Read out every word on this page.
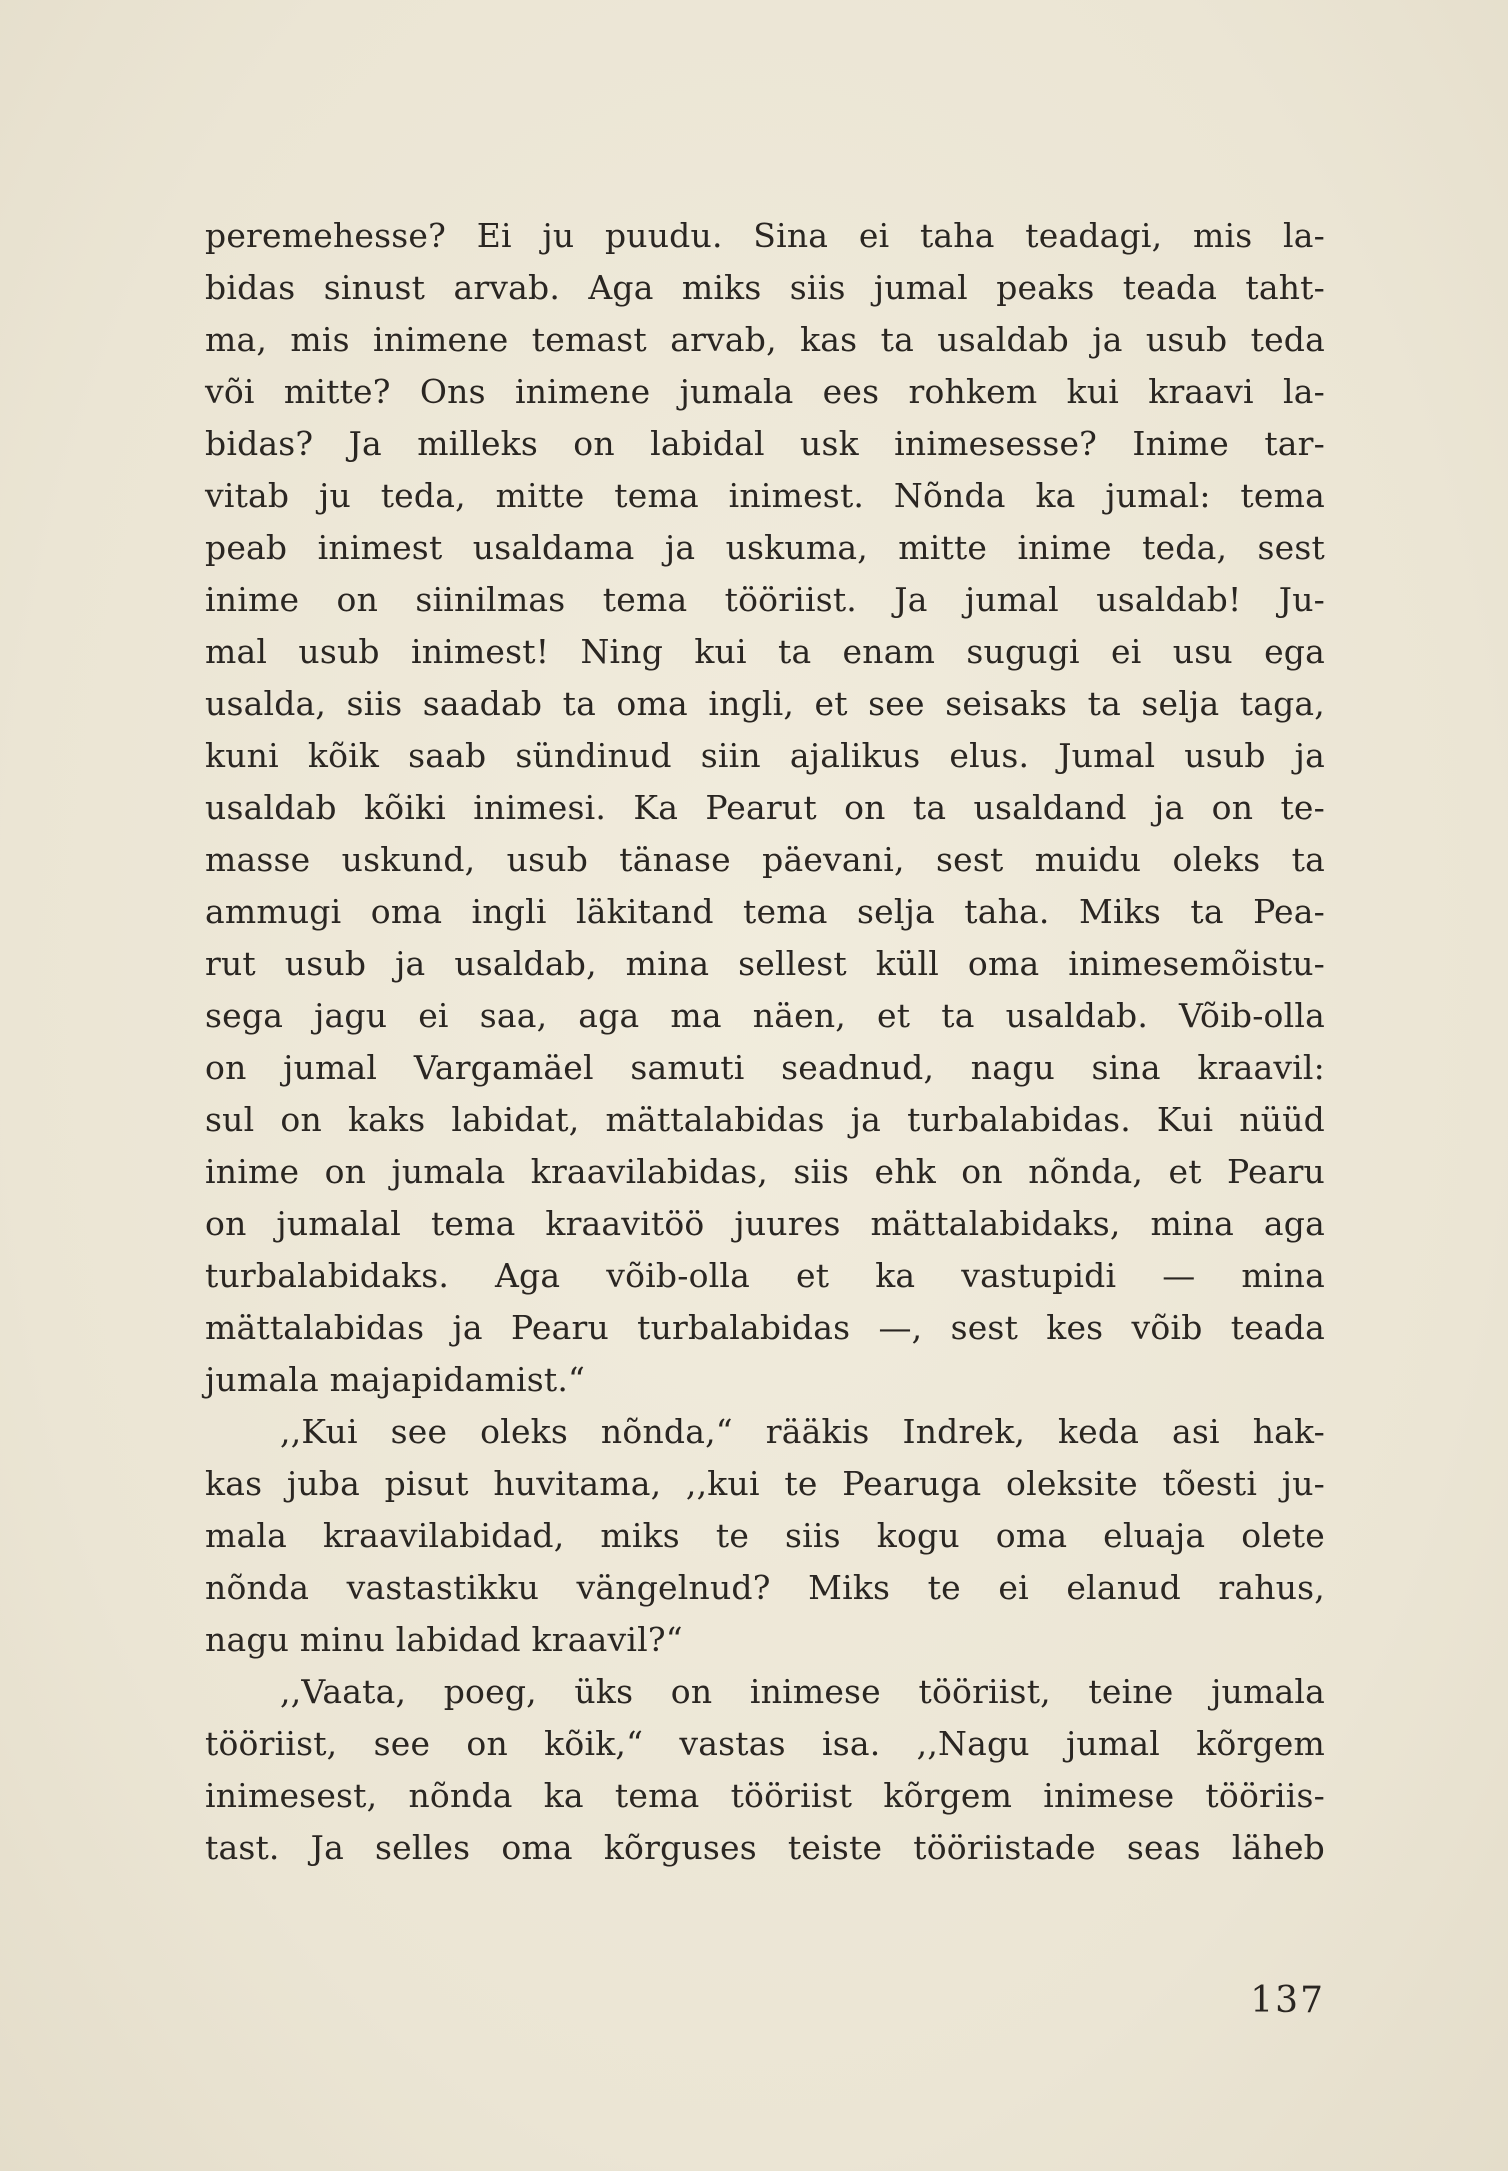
peremehesse? Ei ju puudu. Sina ei taha teadagi, mis la-
bidas sinust arvab. Aga miks siis jumal peaks teada taht-
ma, mis inimene temast arvab, kas ta usaldab ja usub teda
või mitte? Ons inimene jumala ees rohkem kui kraavi la-
bidas? Ja milleks on labidal usk inimesesse? Inime tar-
vitab ju teda, mitte tema inimest. Nõnda ka jumal: tema
peab inimest usaldama ja uskuma, mitte inime teda, sest
inime on siinilmas tema tööriist. Ja jumal usaldab! Ju-
mal usub inimest! Ning kui ta enam sugugi ei usu ega
usalda, siis saadab ta oma ingli, et see seisaks ta selja taga,
kuni kõik saab sündinud siin ajalikus elus. Jumal usub ja
usaldab kõiki inimesi. Ka Pearut on ta usaldand ja on te-
masse uskund, usub tänase päevani, sest muidu oleks ta
ammugi oma ingli läkitand tema selja taha. Miks ta Pea-
rut usub ja usaldab, mina sellest küll oma inimesemõistu-
sega jagu ei saa, aga ma näen, et ta usaldab. Võib-olla
on jumal Vargamäel samuti seadnud, nagu sina kraavil:
sul on kaks labidat, mättalabidas ja turbalabidas. Kui nüüd
inime on jumala kraavilabidas, siis ehk on nõnda, et Pearu
on jumalal tema kraavitöö juures mättalabidaks, mina aga
turbalabidaks. Aga võib-olla et ka vastupidi — mina
mättalabidas ja Pearu turbalabidas —, sest kes võib teada
jumala majapidamist.“
,,Kui see oleks nõnda,“ rääkis Indrek, keda asi hak-
kas juba pisut huvitama, ,,kui te Pearuga oleksite tõesti ju-
mala kraavilabidad, miks te siis kogu oma eluaja olete
nõnda vastastikku vängelnud? Miks te ei elanud rahus,
nagu minu labidad kraavil?“
,,Vaata, poeg, üks on inimese tööriist, teine jumala
tööriist, see on kõik,“ vastas isa. ,,Nagu jumal kõrgem
inimesest, nõnda ka tema tööriist kõrgem inimese tööriis-
tast. Ja selles oma kõrguses teiste tööriistade seas läheb
137
